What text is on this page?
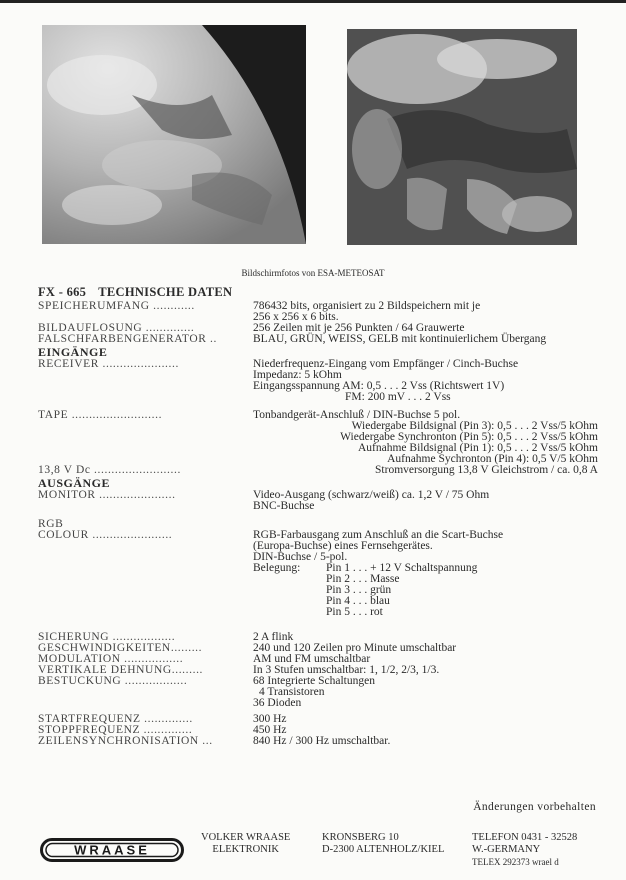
Bildschirmfotos von ESA-METEOSAT
FX - 665 TECHNISCHE DATEN
SPEICHERUMFANG ............	786432 bits, organisiert zu 2 Bildspeichern mit je
256 x 256 x 6 bits.
BILDAUFLÖSUNG ..............	256 Zeilen mit je 256 Punkten / 64 Grauwerte
FALSCHFARBENGENERATOR ..	BLAU, GRÜN, WEISS, GELB mit kontinuierlichem Übergang
EINGÄNGE
RECEIVER ......................	Niederfrequenz-Eingang vom Empfänger / Cinch-Buchse
Impedanz: 5 kOhm
Eingangsspannung AM: 0,5 . . . 2 Vss (Richtswert 1V)
FM: 200 mV . . . 2 Vss
TAPE ..........................	Tonbandgerät-Anschluß / DIN-Buchse 5 pol.
Wiedergabe Bildsignal (Pin 3): 0,5 . . . 2 Vss/5 kOhm
Wiedergabe Synchronton (Pin 5): 0,5 . . . 2 Vss/5 kOhm
Aufnahme Bildsignal (Pin 1): 0,5 . . . 2 Vss/5 kOhm
Aufnahme Sychronton (Pin 4): 0,5 V/5 kOhm
13,8 V Dc .........................	Stromversorgung 13,8 V Gleichstrom / ca. 0,8 A
AUSGÄNGE
MONITOR ......................	Video-Ausgang (schwarz/weiß) ca. 1,2 V / 75 Ohm
BNC-Buchse
RGB
COLOUR .......................
	RGB-Farbausgang zum Anschluß an die Scart-Buchse
(Europa-Buchse) eines Fernsehgerätes.
DIN-Buchse / 5-pol.
Belegung:	Pin 1 . . . + 12 V Schaltspannung
Pin 2 . . . Masse
Pin 3 . . . grün
Pin 4 . . . blau
Pin 5 . . . rot
SICHERUNG ..................	2 A flink
GESCHWINDIGKEITEN.........	240 und 120 Zeilen pro Minute umschaltbar
MODULATION .................	AM und FM umschaltbar
VERTIKALE DEHNUNG.........	In 3 Stufen umschaltbar: 1, 1/2, 2/3, 1/3.
BESTÜCKUNG ..................	68 Integrierte Schaltungen
4 Transistoren
36 Dioden
STARTFREQUENZ ..............	300 Hz
STOPPFREQUENZ ..............	450 Hz
ZEILENSYNCHRONISATION ...	840 Hz / 300 Hz umschaltbar.
Änderungen vorbehalten
WRAASE
VOLKER WRAASE
ELEKTRONIK
KRONSBERG 10
D-2300 ALTENHOLZ/KIEL
TELEFON 0431 - 32528
W.-GERMANY
TELEX 292373 wrael d
